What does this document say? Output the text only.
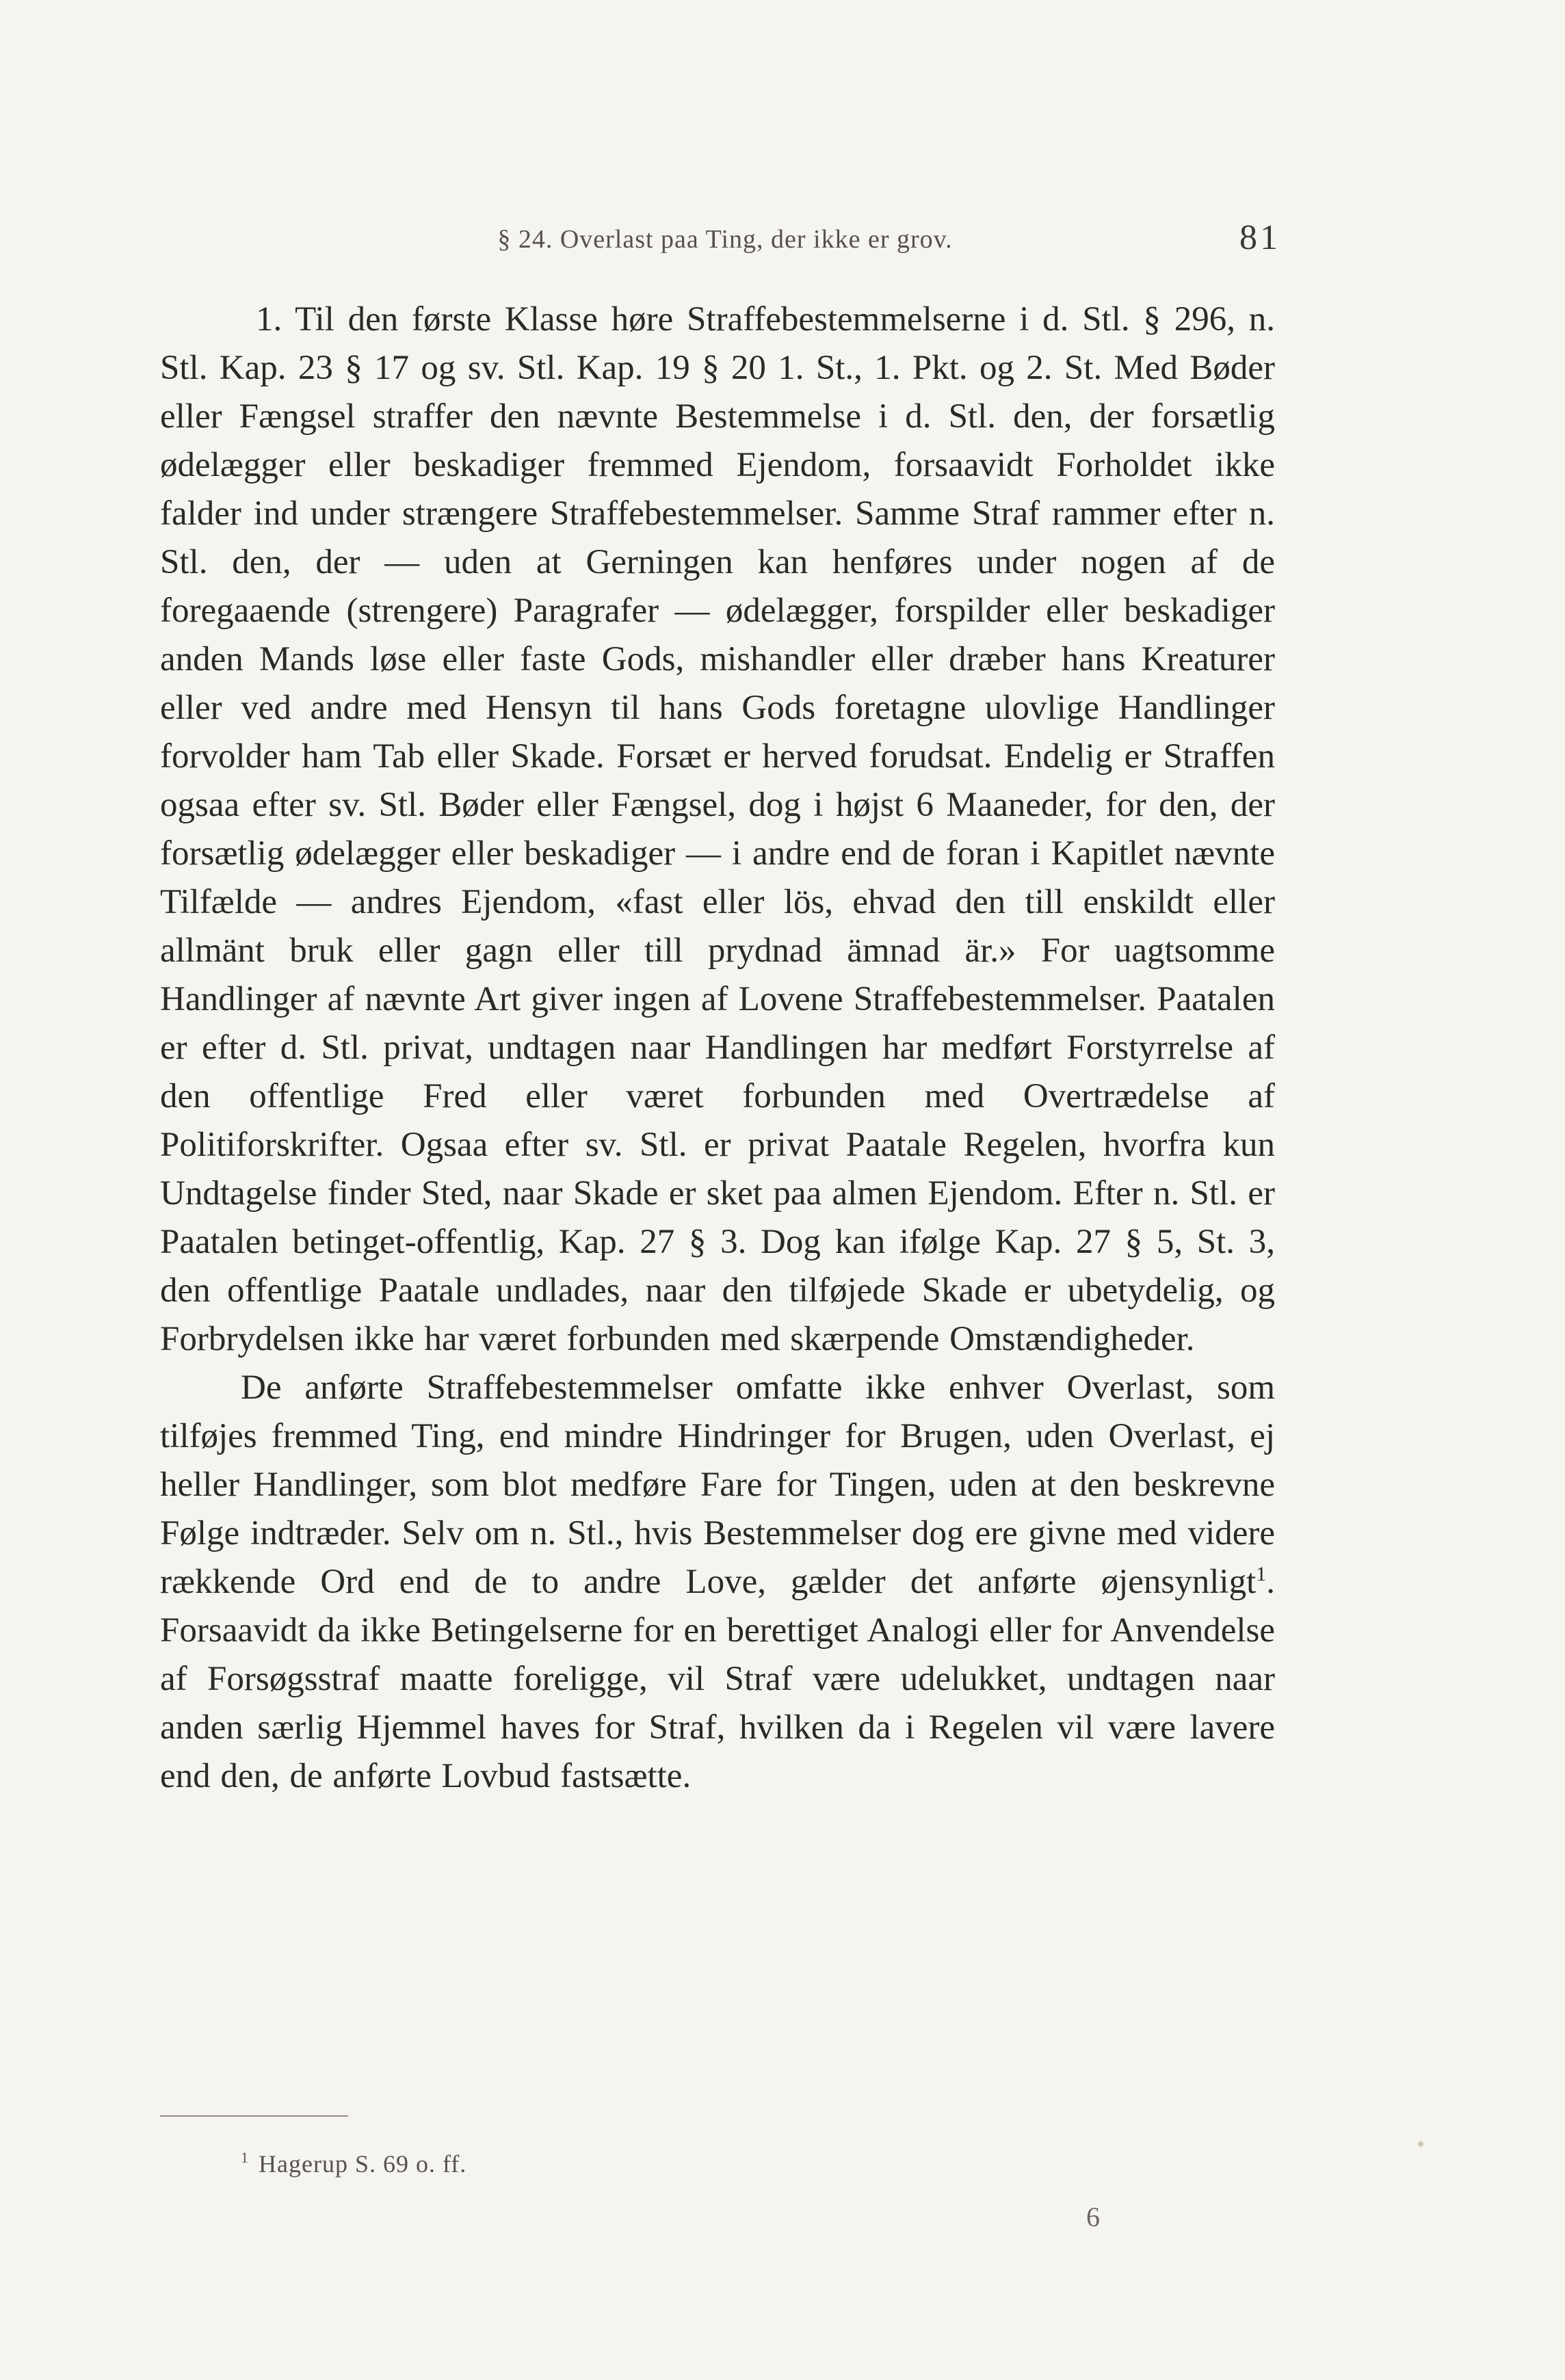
§ 24. Overlast paa Ting, der ikke er grov.	81

1. Til den første Klasse høre Straffebestemmelserne i d. Stl. § 296, n. Stl. Kap. 23 § 17 og sv. Stl. Kap. 19 § 20 1. St., 1. Pkt. og 2. St. Med Bøder eller Fængsel straffer den nævnte Bestemmelse i d. Stl. den, der forsætlig ødelægger eller beskadiger fremmed Ejendom, forsaavidt Forholdet ikke falder ind under strængere Straffebestemmelser. Samme Straf rammer efter n. Stl. den, der — uden at Gerningen kan henføres under nogen af de foregaaende (strengere) Paragrafer — ødelægger, forspilder eller beskadiger anden Mands løse eller faste Gods, mishandler eller dræber hans Kreaturer eller ved andre med Hensyn til hans Gods foretagne ulovlige Handlinger forvolder ham Tab eller Skade. Forsæt er herved forudsat. Endelig er Straffen ogsaa efter sv. Stl. Bøder eller Fængsel, dog i højst 6 Maaneder, for den, der forsætlig ødelægger eller beskadiger — i andre end de foran i Kapitlet nævnte Tilfælde — andres Ejendom, «fast eller lös, ehvad den till enskildt eller allmänt bruk eller gagn eller till prydnad ämnad är.» For uagtsomme Handlinger af nævnte Art giver ingen af Lovene Straffebestemmelser. Paatalen er efter d. Stl. privat, undtagen naar Handlingen har medført Forstyrrelse af den offentlige Fred eller været forbunden med Overtrædelse af Politiforskrifter. Ogsaa efter sv. Stl. er privat Paatale Regelen, hvorfra kun Undtagelse finder Sted, naar Skade er sket paa almen Ejendom. Efter n. Stl. er Paatalen betinget-offentlig, Kap. 27 § 3. Dog kan ifølge Kap. 27 § 5, St. 3, den offentlige Paatale undlades, naar den tilføjede Skade er ubetydelig, og Forbrydelsen ikke har været forbunden med skærpende Omstændigheder.

De anførte Straffebestemmelser omfatte ikke enhver Overlast, som tilføjes fremmed Ting, end mindre Hindringer for Brugen, uden Overlast, ej heller Handlinger, som blot medføre Fare for Tingen, uden at den beskrevne Følge indtræder. Selv om n. Stl., hvis Bestemmelser dog ere givne med videre rækkende Ord end de to andre Love, gælder det anførte øjensynligt$^1$. Forsaavidt da ikke Betingelserne for en berettiget Analogi eller for Anvendelse af Forsøgsstraf maatte foreligge, vil Straf være udelukket, undtagen naar anden særlig Hjemmel haves for Straf, hvilken da i Regelen vil være lavere end den, de anførte Lovbud fastsætte.

$^1$ Hagerup S. 69 o. ff.
6
